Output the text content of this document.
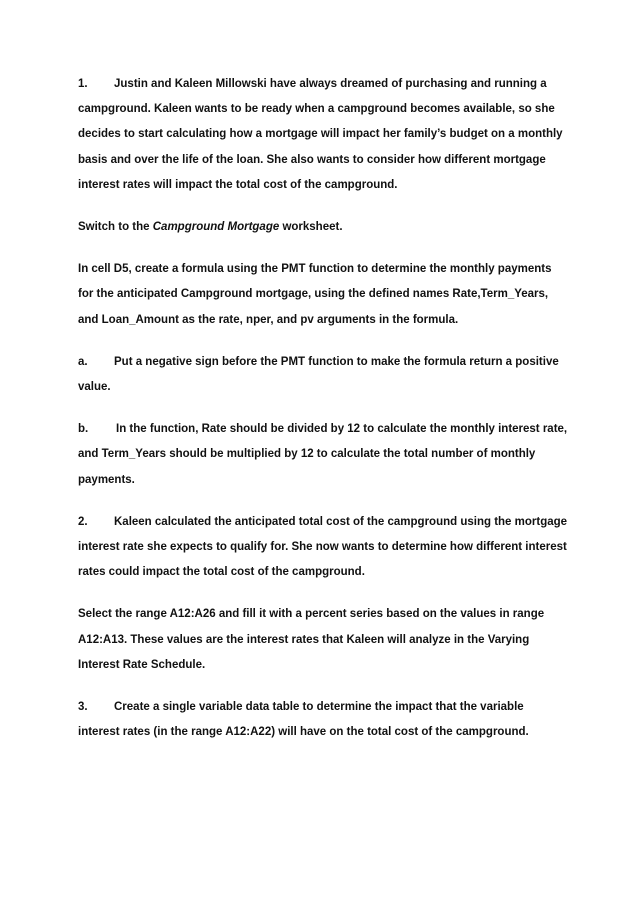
1. Justin and Kaleen Millowski have always dreamed of purchasing and running a campground. Kaleen wants to be ready when a campground becomes available, so she decides to start calculating how a mortgage will impact her family’s budget on a monthly basis and over the life of the loan. She also wants to consider how different mortgage interest rates will impact the total cost of the campground.

Switch to the Campground Mortgage worksheet.

In cell D5, create a formula using the PMT function to determine the monthly payments for the anticipated Campground mortgage, using the defined names Rate,Term_Years, and Loan_Amount as the rate, nper, and pv arguments in the formula.

a. Put a negative sign before the PMT function to make the formula return a positive value.

b. In the function, Rate should be divided by 12 to calculate the monthly interest rate, and Term_Years should be multiplied by 12 to calculate the total number of monthly payments.

2. Kaleen calculated the anticipated total cost of the campground using the mortgage interest rate she expects to qualify for. She now wants to determine how different interest rates could impact the total cost of the campground.

Select the range A12:A26 and fill it with a percent series based on the values in range A12:A13. These values are the interest rates that Kaleen will analyze in the Varying Interest Rate Schedule.

3. Create a single variable data table to determine the impact that the variable interest rates (in the range A12:A22) will have on the total cost of the campground.
